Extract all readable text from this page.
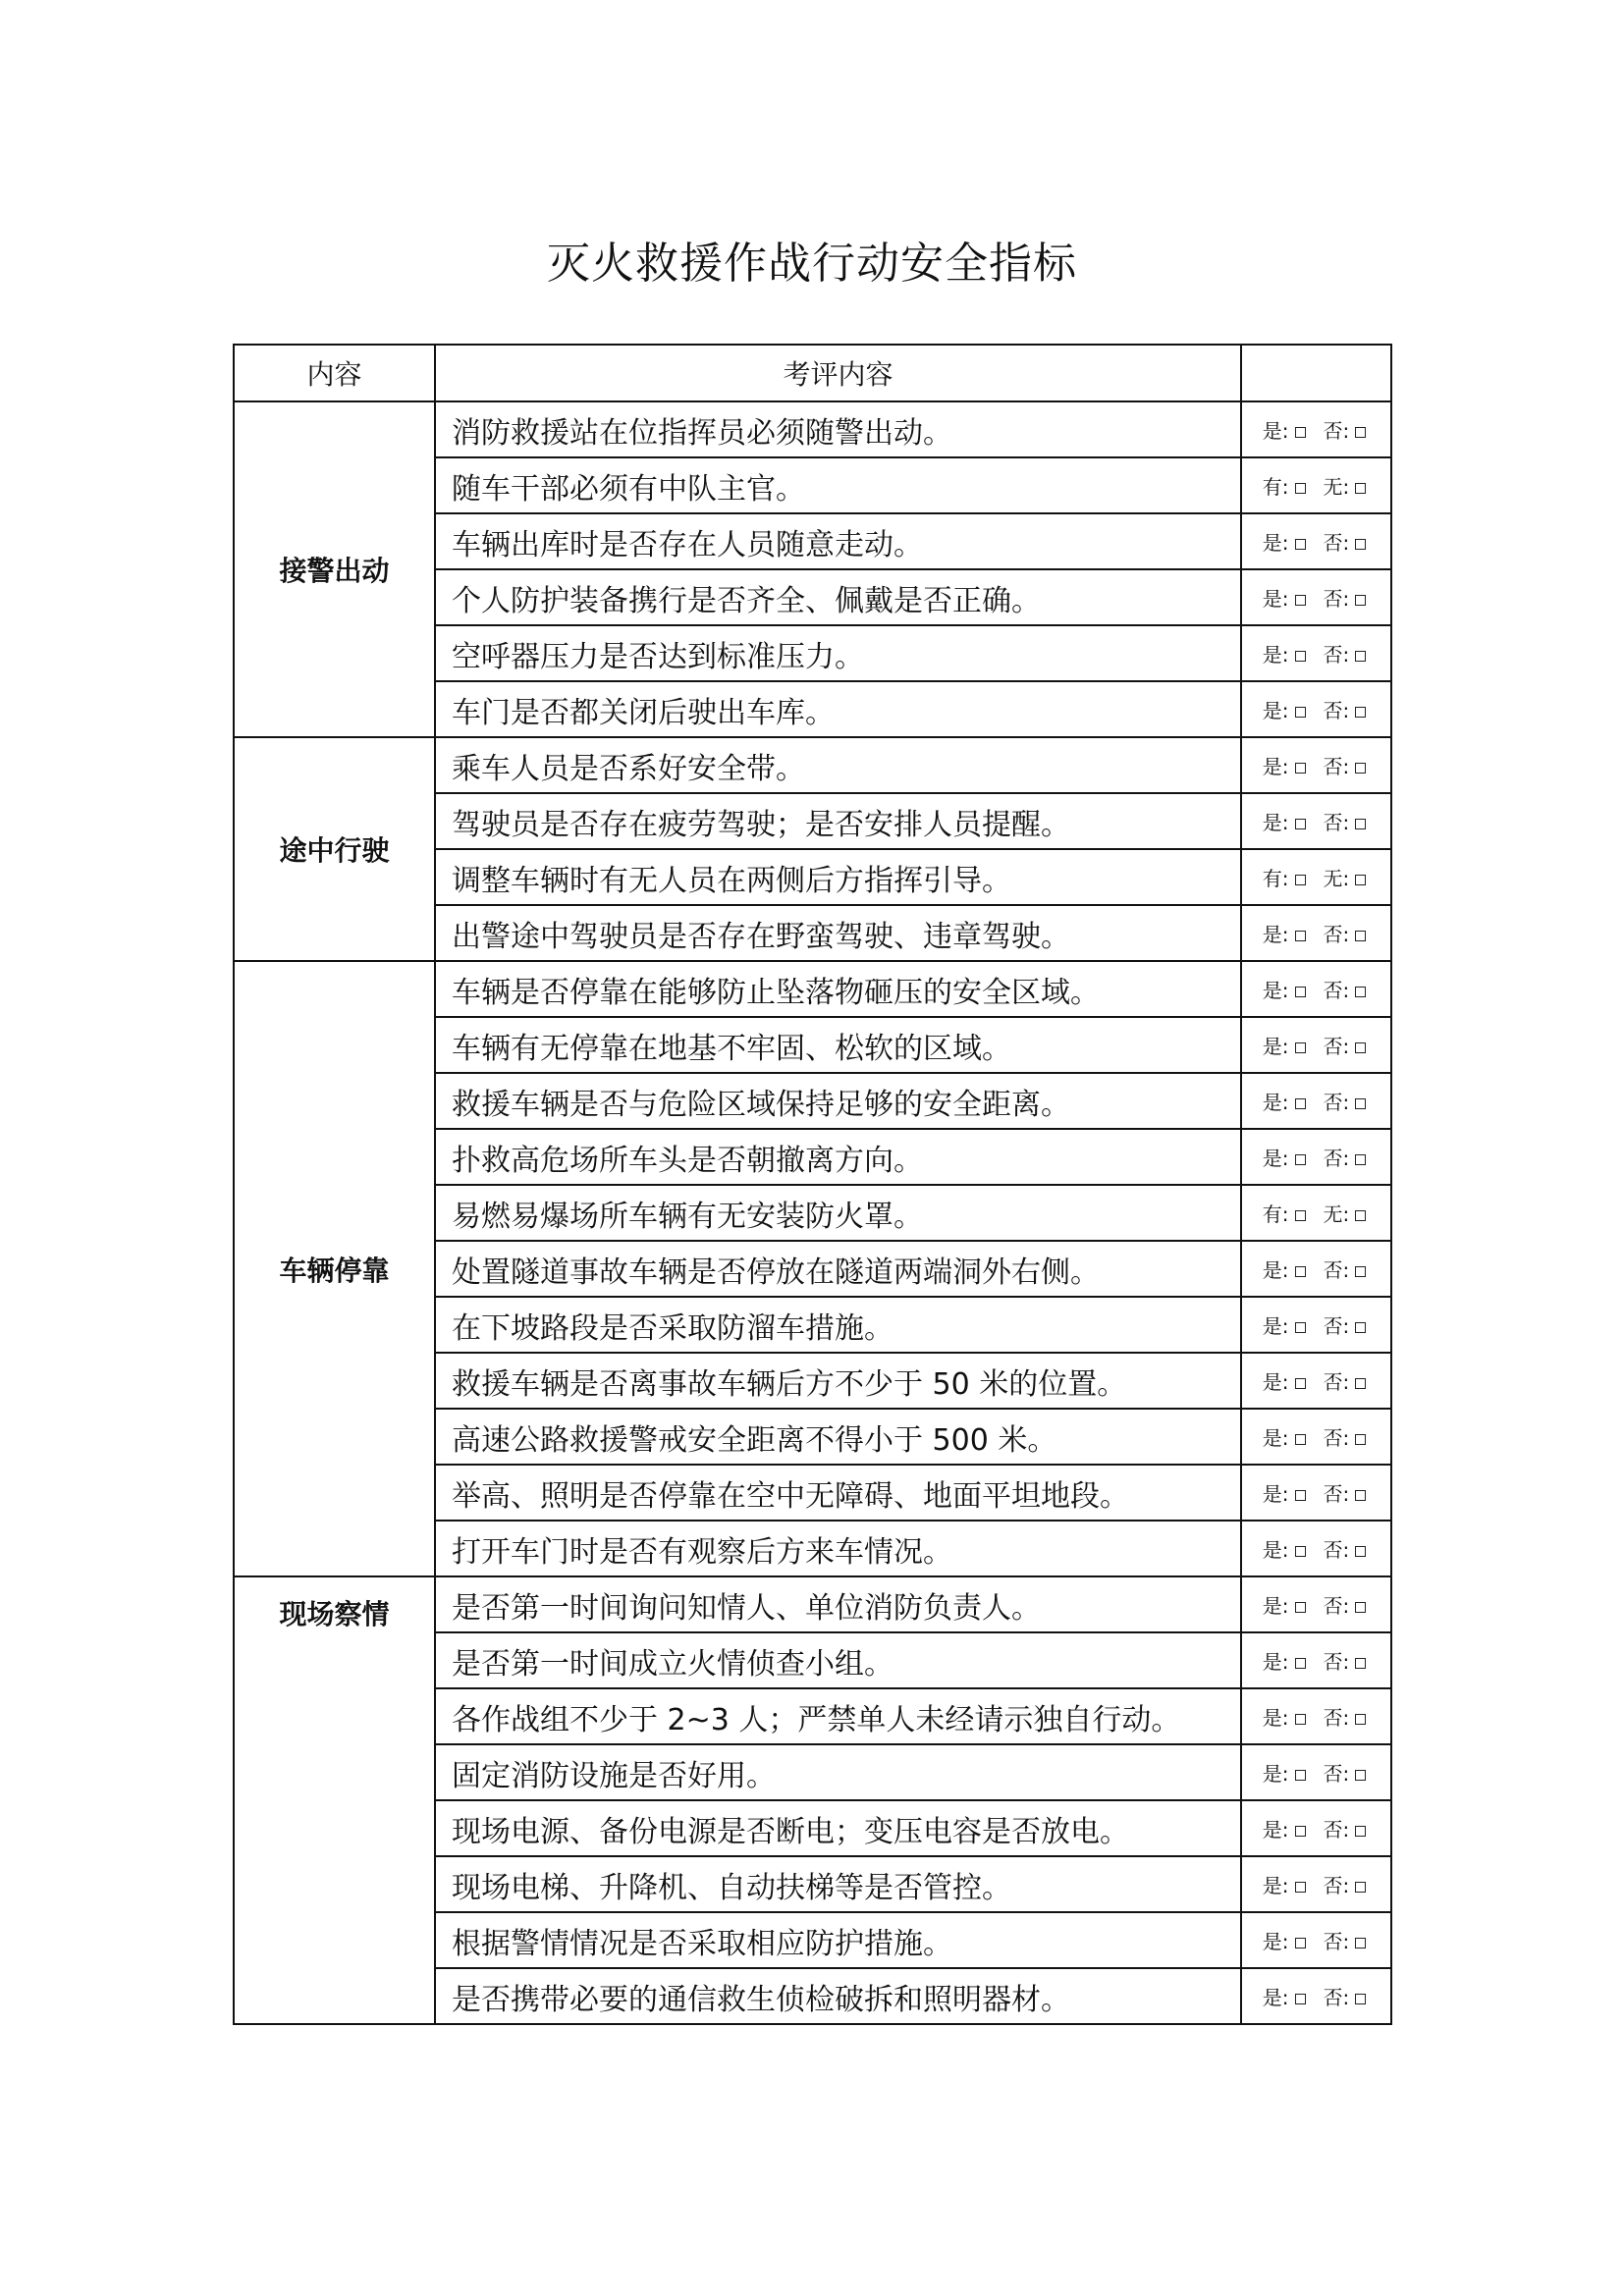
灭火救援作战行动安全指标
内容	考评内容	
接警出动	消防救援站在位指挥员必须随警出动。	是: 否:
	随车干部必须有中队主官。	有: 无:
	车辆出库时是否存在人员随意走动。	是: 否:
	个人防护装备携行是否齐全、佩戴是否正确。	是: 否:
	空呼器压力是否达到标准压力。	是: 否:
	车门是否都关闭后驶出车库。	是: 否:
途中行驶	乘车人员是否系好安全带。	是: 否:
	驾驶员是否存在疲劳驾驶；是否安排人员提醒。	是: 否:
	调整车辆时有无人员在两侧后方指挥引导。	有: 无:
	出警途中驾驶员是否存在野蛮驾驶、违章驾驶。	是: 否:
车辆停靠	车辆是否停靠在能够防止坠落物砸压的安全区域。	是: 否:
	车辆有无停靠在地基不牢固、松软的区域。	是: 否:
	救援车辆是否与危险区域保持足够的安全距离。	是: 否:
	扑救高危场所车头是否朝撤离方向。	是: 否:
	易燃易爆场所车辆有无安装防火罩。	有: 无:
	处置隧道事故车辆是否停放在隧道两端洞外右侧。	是: 否:
	在下坡路段是否采取防溜车措施。	是: 否:
	救援车辆是否离事故车辆后方不少于 50 米的位置。	是: 否:
	高速公路救援警戒安全距离不得小于 500 米。	是: 否:
	举高、照明是否停靠在空中无障碍、地面平坦地段。	是: 否:
	打开车门时是否有观察后方来车情况。	是: 否:
现场察情	是否第一时间询问知情人、单位消防负责人。	是: 否:
	是否第一时间成立火情侦查小组。	是: 否:
	各作战组不少于 2~3 人；严禁单人未经请示独自行动。	是: 否:
	固定消防设施是否好用。	是: 否:
	现场电源、备份电源是否断电；变压电容是否放电。	是: 否:
	现场电梯、升降机、自动扶梯等是否管控。	是: 否:
	根据警情情况是否采取相应防护措施。	是: 否:
	是否携带必要的通信救生侦检破拆和照明器材。	是: 否:
